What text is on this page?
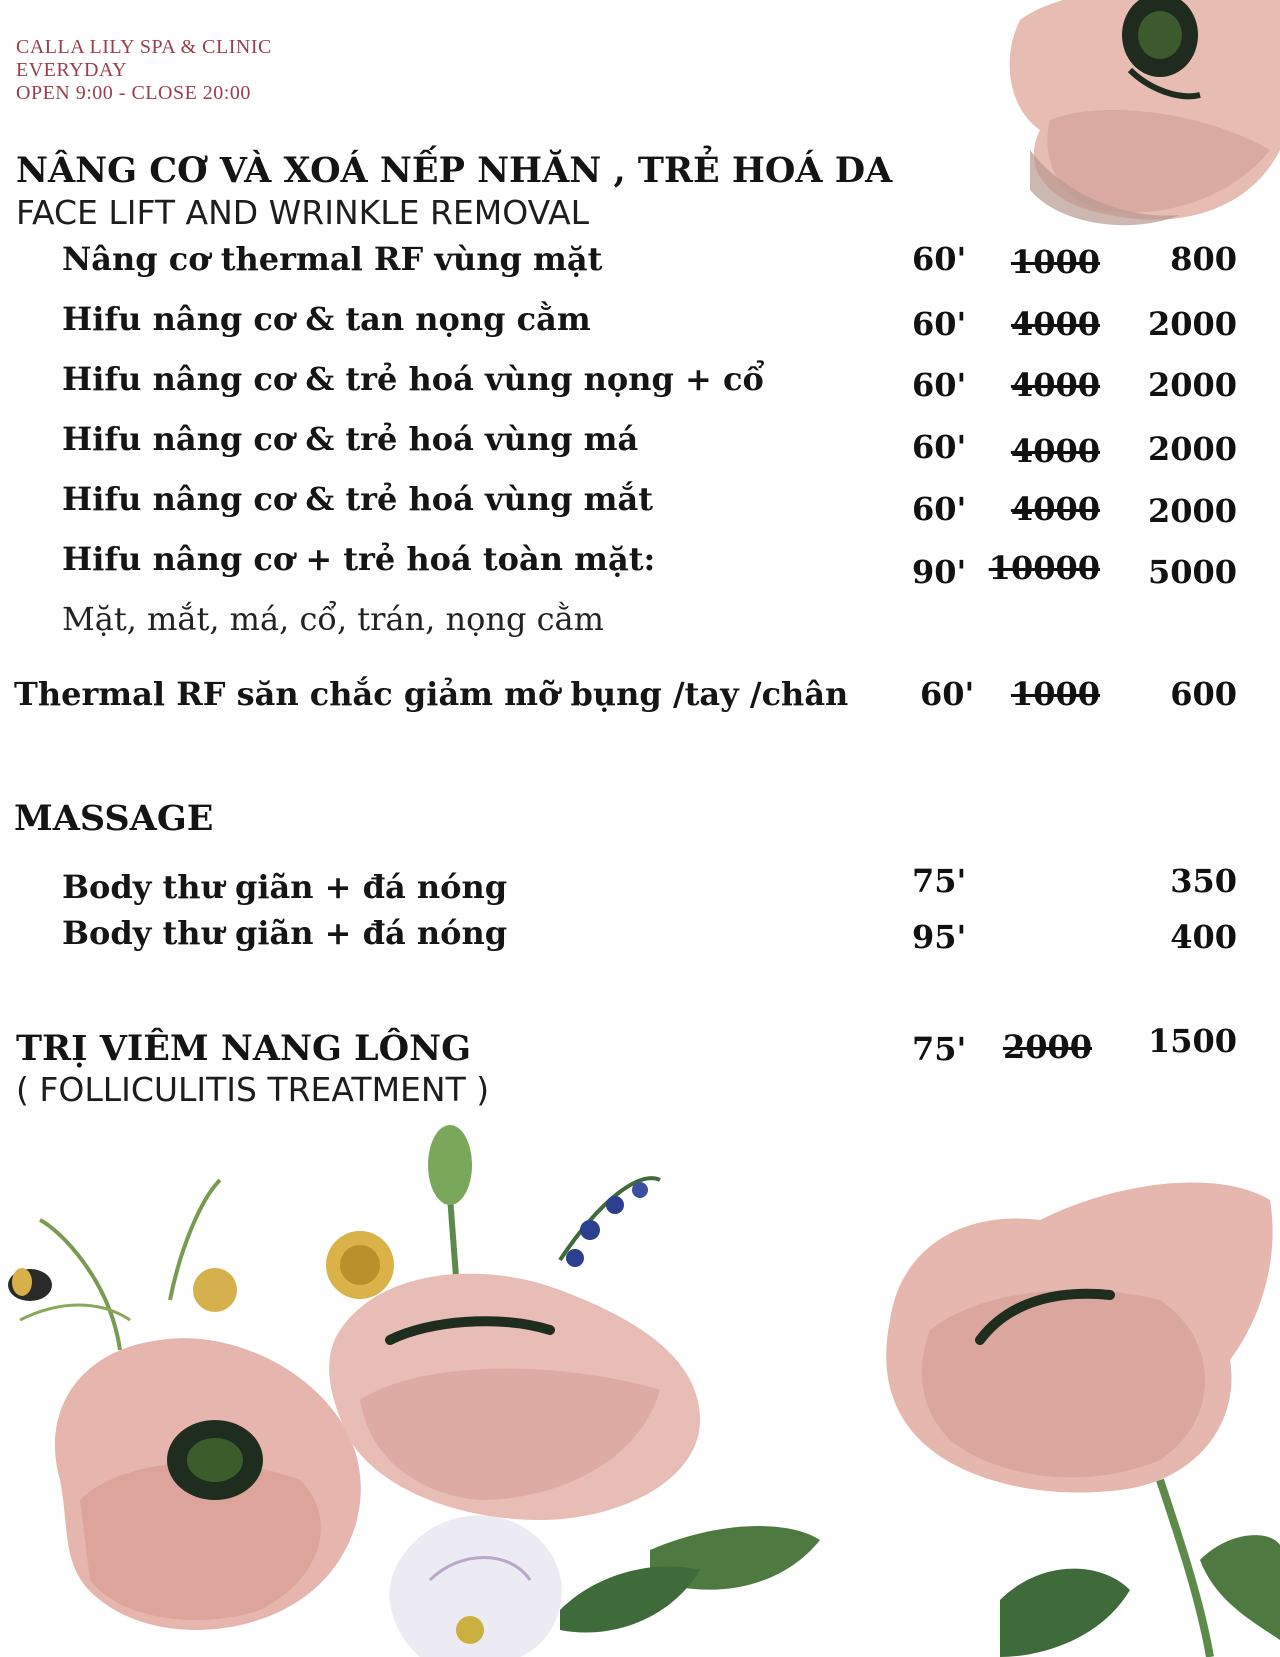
CALLA LILY SPA & CLINIC
EVERYDAY
OPEN 9:00 - CLOSE 20:00
NÂNG CƠ VÀ XOÁ NẾP NHĂN , TRẺ HOÁ DA
FACE LIFT AND WRINKLE REMOVAL
Nâng cơ thermal RF vùng mặt	60' 1000 800
Hifu nâng cơ & tan nọng cằm	60' 4000 2000
Hifu nâng cơ & trẻ hoá vùng nọng + cổ	60' 4000 2000
Hifu nâng cơ & trẻ hoá vùng má	60' 4000 2000
Hifu nâng cơ & trẻ hoá vùng mắt	60' 4000 2000
Hifu nâng cơ + trẻ hoá toàn mặt:	90' 10000 5000
Mặt, mắt, má, cổ, trán, nọng cằm
Thermal RF săn chắc giảm mỡ bụng /tay /chân 60' 1000 600
MASSAGE
Body thư giãn + đá nóng	75'	350
Body thư giãn + đá nóng	95'	400
TRỊ VIÊM NANG LÔNG
( FOLLICULITIS TREATMENT )
75' 2000 1500
